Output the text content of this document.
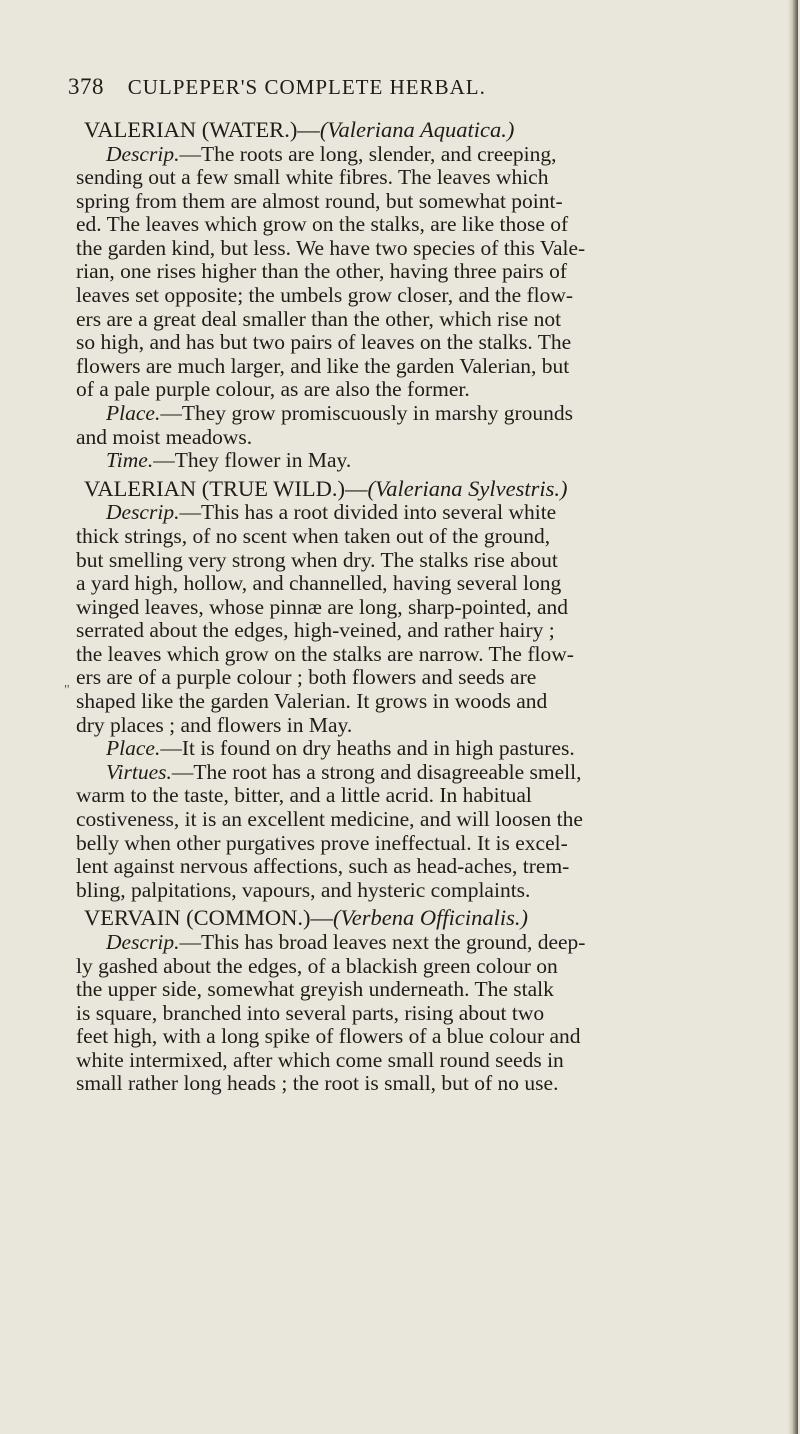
378 CULPEPER'S COMPLETE HERBAL.
"
VALERIAN (WATER.)—(Valeriana Aquatica.)
Descrip.—The roots are long, slender, and creeping,
sending out a few small white fibres. The leaves which
spring from them are almost round, but somewhat point-
ed. The leaves which grow on the stalks, are like those of
the garden kind, but less. We have two species of this Vale-
rian, one rises higher than the other, having three pairs of
leaves set opposite; the umbels grow closer, and the flow-
ers are a great deal smaller than the other, which rise not
so high, and has but two pairs of leaves on the stalks. The
flowers are much larger, and like the garden Valerian, but
of a pale purple colour, as are also the former.
Place.—They grow promiscuously in marshy grounds
and moist meadows.
Time.—They flower in May.
VALERIAN (TRUE WILD.)—(Valeriana Sylvestris.)
Descrip.—This has a root divided into several white
thick strings, of no scent when taken out of the ground,
but smelling very strong when dry. The stalks rise about
a yard high, hollow, and channelled, having several long
winged leaves, whose pinnæ are long, sharp-pointed, and
serrated about the edges, high-veined, and rather hairy ;
the leaves which grow on the stalks are narrow. The flow-
ers are of a purple colour ; both flowers and seeds are
shaped like the garden Valerian. It grows in woods and
dry places ; and flowers in May.
Place.—It is found on dry heaths and in high pastures.
Virtues.—The root has a strong and disagreeable smell,
warm to the taste, bitter, and a little acrid. In habitual
costiveness, it is an excellent medicine, and will loosen the
belly when other purgatives prove ineffectual. It is excel-
lent against nervous affections, such as head-aches, trem-
bling, palpitations, vapours, and hysteric complaints.
VERVAIN (COMMON.)—(Verbena Officinalis.)
Descrip.—This has broad leaves next the ground, deep-
ly gashed about the edges, of a blackish green colour on
the upper side, somewhat greyish underneath. The stalk
is square, branched into several parts, rising about two
feet high, with a long spike of flowers of a blue colour and
white intermixed, after which come small round seeds in
small rather long heads ; the root is small, but of no use.
